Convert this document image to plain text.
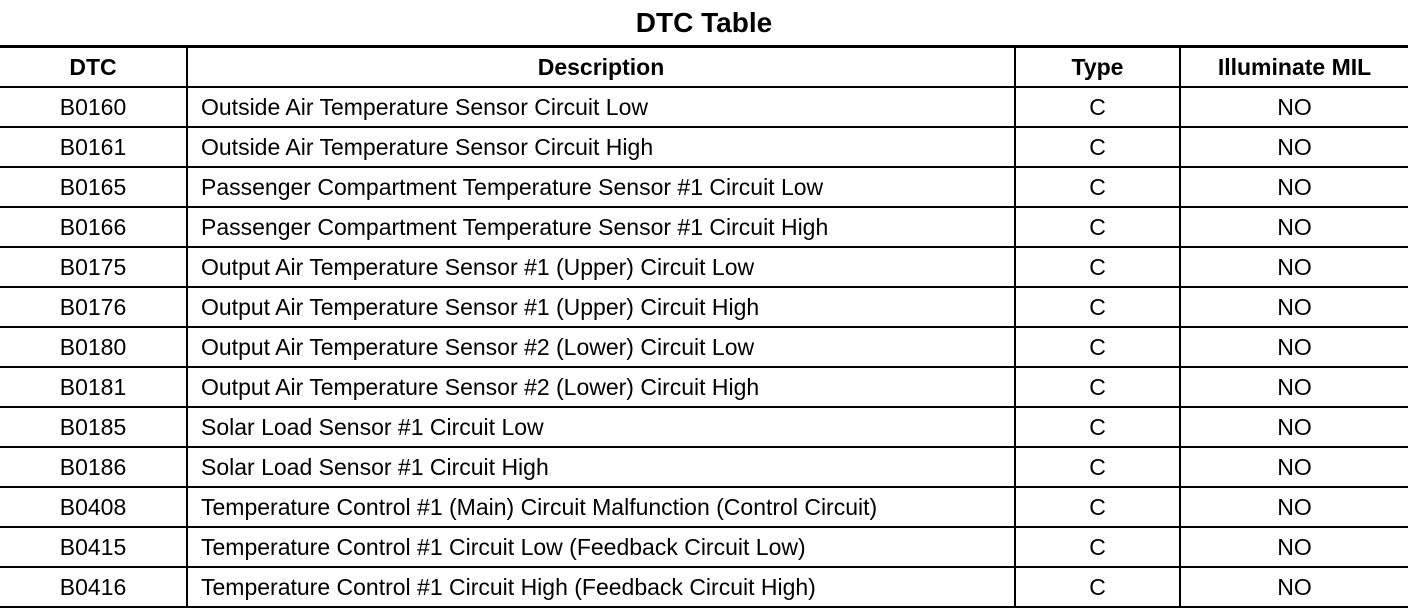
DTC Table
DTC	Description	Type	Illuminate MIL
B0160	Outside Air Temperature Sensor Circuit Low	C	NO
B0161	Outside Air Temperature Sensor Circuit High	C	NO
B0165	Passenger Compartment Temperature Sensor #1 Circuit Low	C	NO
B0166	Passenger Compartment Temperature Sensor #1 Circuit High	C	NO
B0175	Output Air Temperature Sensor #1 (Upper) Circuit Low	C	NO
B0176	Output Air Temperature Sensor #1 (Upper) Circuit High	C	NO
B0180	Output Air Temperature Sensor #2 (Lower) Circuit Low	C	NO
B0181	Output Air Temperature Sensor #2 (Lower) Circuit High	C	NO
B0185	Solar Load Sensor #1 Circuit Low	C	NO
B0186	Solar Load Sensor #1 Circuit High	C	NO
B0408	Temperature Control #1 (Main) Circuit Malfunction (Control Circuit)	C	NO
B0415	Temperature Control #1 Circuit Low (Feedback Circuit Low)	C	NO
B0416	Temperature Control #1 Circuit High (Feedback Circuit High)	C	NO
